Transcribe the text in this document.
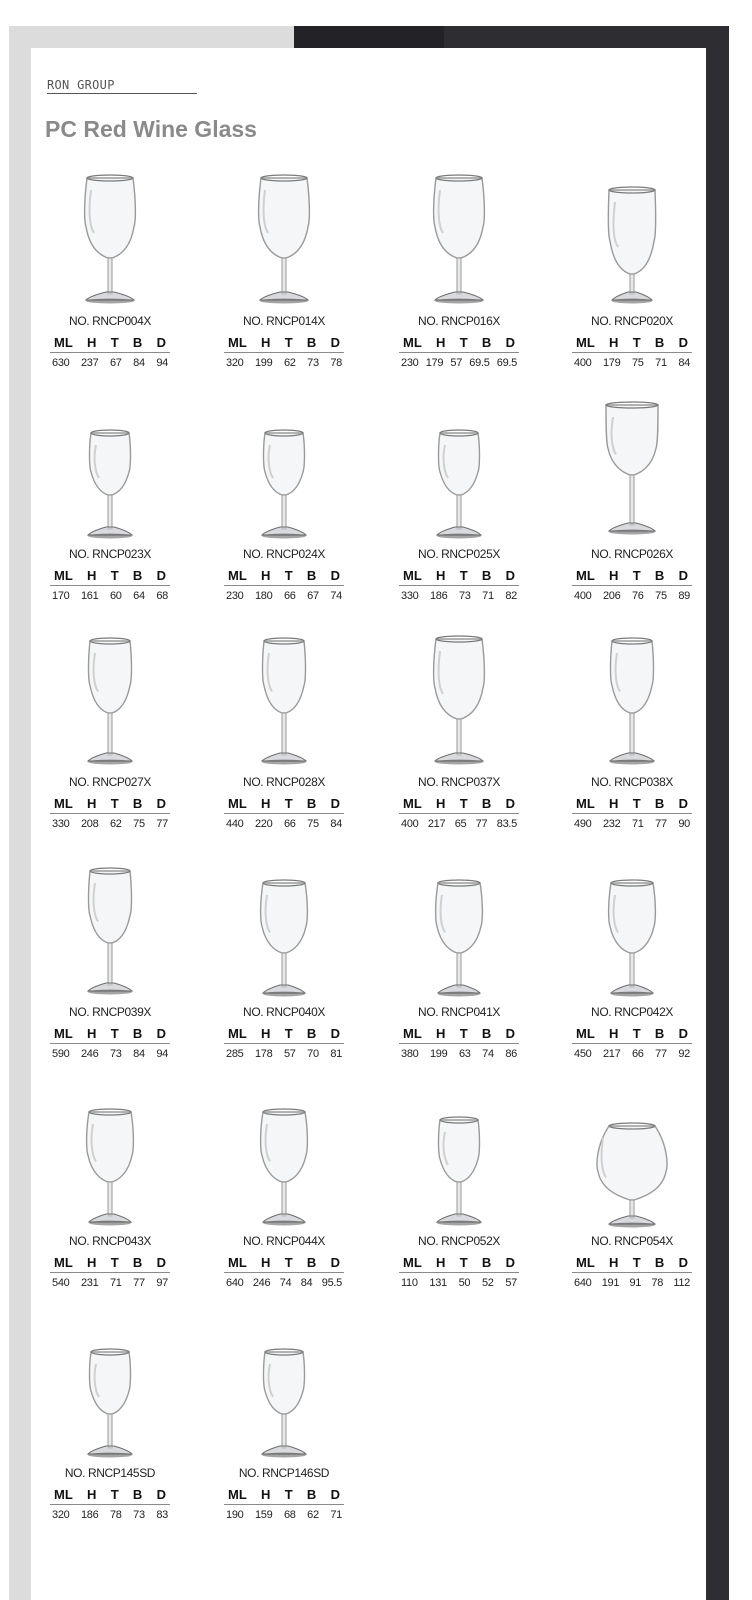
RON GROUP
PC Red Wine Glass
NO. RNCP004X
ML H T B D
630 237 67 84 94
NO. RNCP014X
ML H T B D
320 199 62 73 78
NO. RNCP016X
ML H T B D
230 179 57 69.5 69.5
NO. RNCP020X
ML H T B D
400 179 75 71 84
NO. RNCP023X
ML H T B D
170 161 60 64 68
NO. RNCP024X
ML H T B D
230 180 66 67 74
NO. RNCP025X
ML H T B D
330 186 73 71 82
NO. RNCP026X
ML H T B D
400 206 76 75 89
NO. RNCP027X
ML H T B D
330 208 62 75 77
NO. RNCP028X
ML H T B D
440 220 66 75 84
NO. RNCP037X
ML H T B D
400 217 65 77 83.5
NO. RNCP038X
ML H T B D
490 232 71 77 90
NO. RNCP039X
ML H T B D
590 246 73 84 94
NO. RNCP040X
ML H T B D
285 178 57 70 81
NO. RNCP041X
ML H T B D
380 199 63 74 86
NO. RNCP042X
ML H T B D
450 217 66 77 92
NO. RNCP043X
ML H T B D
540 231 71 77 97
NO. RNCP044X
ML H T B D
640 246 74 84 95.5
NO. RNCP052X
ML H T B D
110 131 50 52 57
NO. RNCP054X
ML H T B D
640 191 91 78 112
NO. RNCP145SD
ML H T B D
320 186 78 73 83
NO. RNCP146SD
ML H T B D
190 159 68 62 71
